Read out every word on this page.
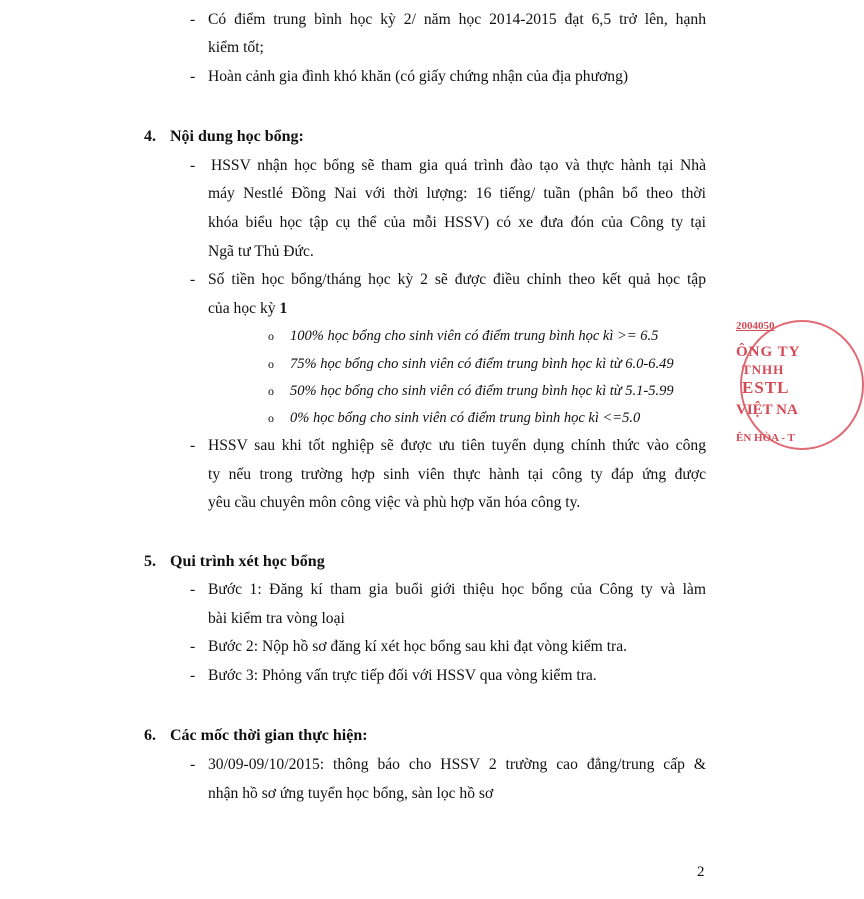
- Có điểm trung bình học kỳ 2/ năm học 2014-2015 đạt 6,5 trở lên, hạnh
kiểm tốt;
- Hoàn cảnh gia đình khó khăn (có giấy chứng nhận của địa phương)
4. Nội dung học bổng:
- HSSV nhận học bổng sẽ tham gia quá trình đào tạo và thực hành tại Nhà
máy Nestlé Đồng Nai với thời lượng: 16 tiếng/ tuần (phân bổ theo thời
khóa biểu học tập cụ thể của mỗi HSSV) có xe đưa đón của Công ty tại
Ngã tư Thủ Đức.
- Số tiền học bổng/tháng học kỳ 2 sẽ được điều chỉnh theo kết quả học tập
của học kỳ 1
o 100% học bổng cho sinh viên có điểm trung bình học kì >= 6.5
o 75% học bổng cho sinh viên có điểm trung bình học kì từ 6.0-6.49
o 50% học bổng cho sinh viên có điểm trung bình học kì từ 5.1-5.99
o 0% học bổng cho sinh viên có điểm trung bình học kì <=5.0
- HSSV sau khi tốt nghiệp sẽ được ưu tiên tuyển dụng chính thức vào công
ty nếu trong trường hợp sinh viên thực hành tại công ty đáp ứng được
yêu cầu chuyên môn công việc và phù hợp văn hóa công ty.
5. Qui trình xét học bổng
- Bước 1: Đăng kí tham gia buổi giới thiệu học bổng của Công ty và làm
bài kiểm tra vòng loại
- Bước 2: Nộp hồ sơ đăng kí xét học bổng sau khi đạt vòng kiểm tra.
- Bước 3: Phỏng vấn trực tiếp đối với HSSV qua vòng kiểm tra.
6. Các mốc thời gian thực hiện:
- 30/09-09/10/2015: thông báo cho HSSV 2 trường cao đẳng/trung cấp &
nhận hồ sơ ứng tuyển học bổng, sàn lọc hồ sơ
2
2004050
ÔNG TY
TNHH
ESTL
VIỆT NA
ÊN HÒA - T
